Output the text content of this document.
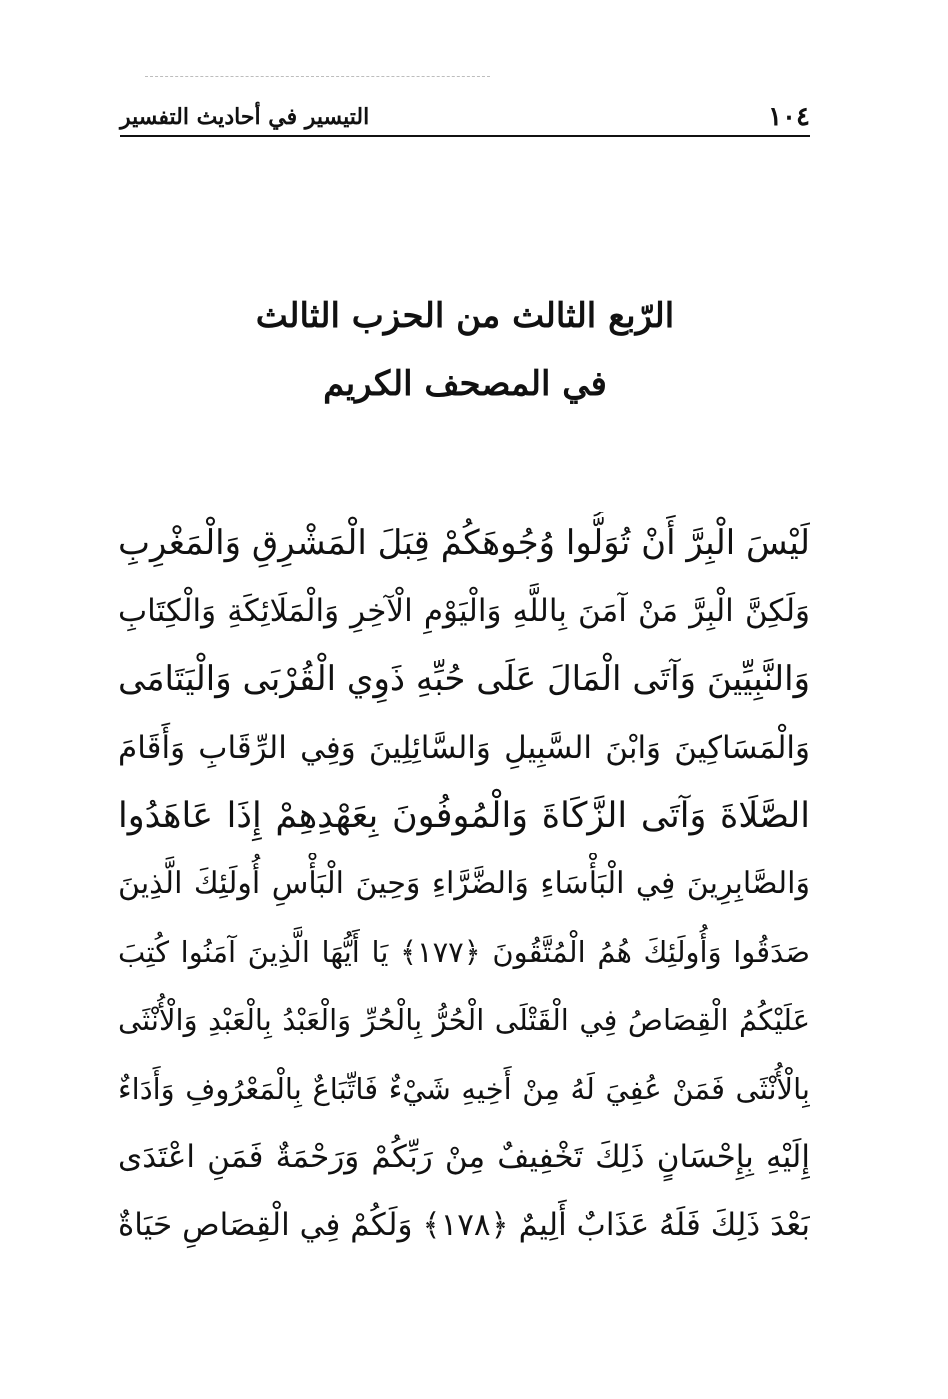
١٠٤
التيسير في أحاديث التفسير
الرّبع الثالث من الحزب الثالث
في المصحف الكريم
لَيْسَ الْبِرَّ أَنْ تُوَلُّوا وُجُوهَكُمْ قِبَلَ الْمَشْرِقِ وَالْمَغْرِبِ
وَلَكِنَّ الْبِرَّ مَنْ آمَنَ بِاللَّهِ وَالْيَوْمِ الْآخِرِ وَالْمَلَائِكَةِ وَالْكِتَابِ
وَالنَّبِيِّينَ وَآتَى الْمَالَ عَلَى حُبِّهِ ذَوِي الْقُرْبَى وَالْيَتَامَى
وَالْمَسَاكِينَ وَابْنَ السَّبِيلِ وَالسَّائِلِينَ وَفِي الرِّقَابِ وَأَقَامَ
الصَّلَاةَ وَآتَى الزَّكَاةَ وَالْمُوفُونَ بِعَهْدِهِمْ إِذَا عَاهَدُوا
وَالصَّابِرِينَ فِي الْبَأْسَاءِ وَالضَّرَّاءِ وَحِينَ الْبَأْسِ أُولَئِكَ الَّذِينَ
صَدَقُوا وَأُولَئِكَ هُمُ الْمُتَّقُونَ ﴿١٧٧﴾ يَا أَيُّهَا الَّذِينَ آمَنُوا كُتِبَ
عَلَيْكُمُ الْقِصَاصُ فِي الْقَتْلَى الْحُرُّ بِالْحُرِّ وَالْعَبْدُ بِالْعَبْدِ وَالْأُنْثَى
بِالْأُنْثَى فَمَنْ عُفِيَ لَهُ مِنْ أَخِيهِ شَيْءٌ فَاتِّبَاعٌ بِالْمَعْرُوفِ وَأَدَاءٌ
إِلَيْهِ بِإِحْسَانٍ ذَلِكَ تَخْفِيفٌ مِنْ رَبِّكُمْ وَرَحْمَةٌ فَمَنِ اعْتَدَى
بَعْدَ ذَلِكَ فَلَهُ عَذَابٌ أَلِيمٌ ﴿١٧٨﴾ وَلَكُمْ فِي الْقِصَاصِ حَيَاةٌ
